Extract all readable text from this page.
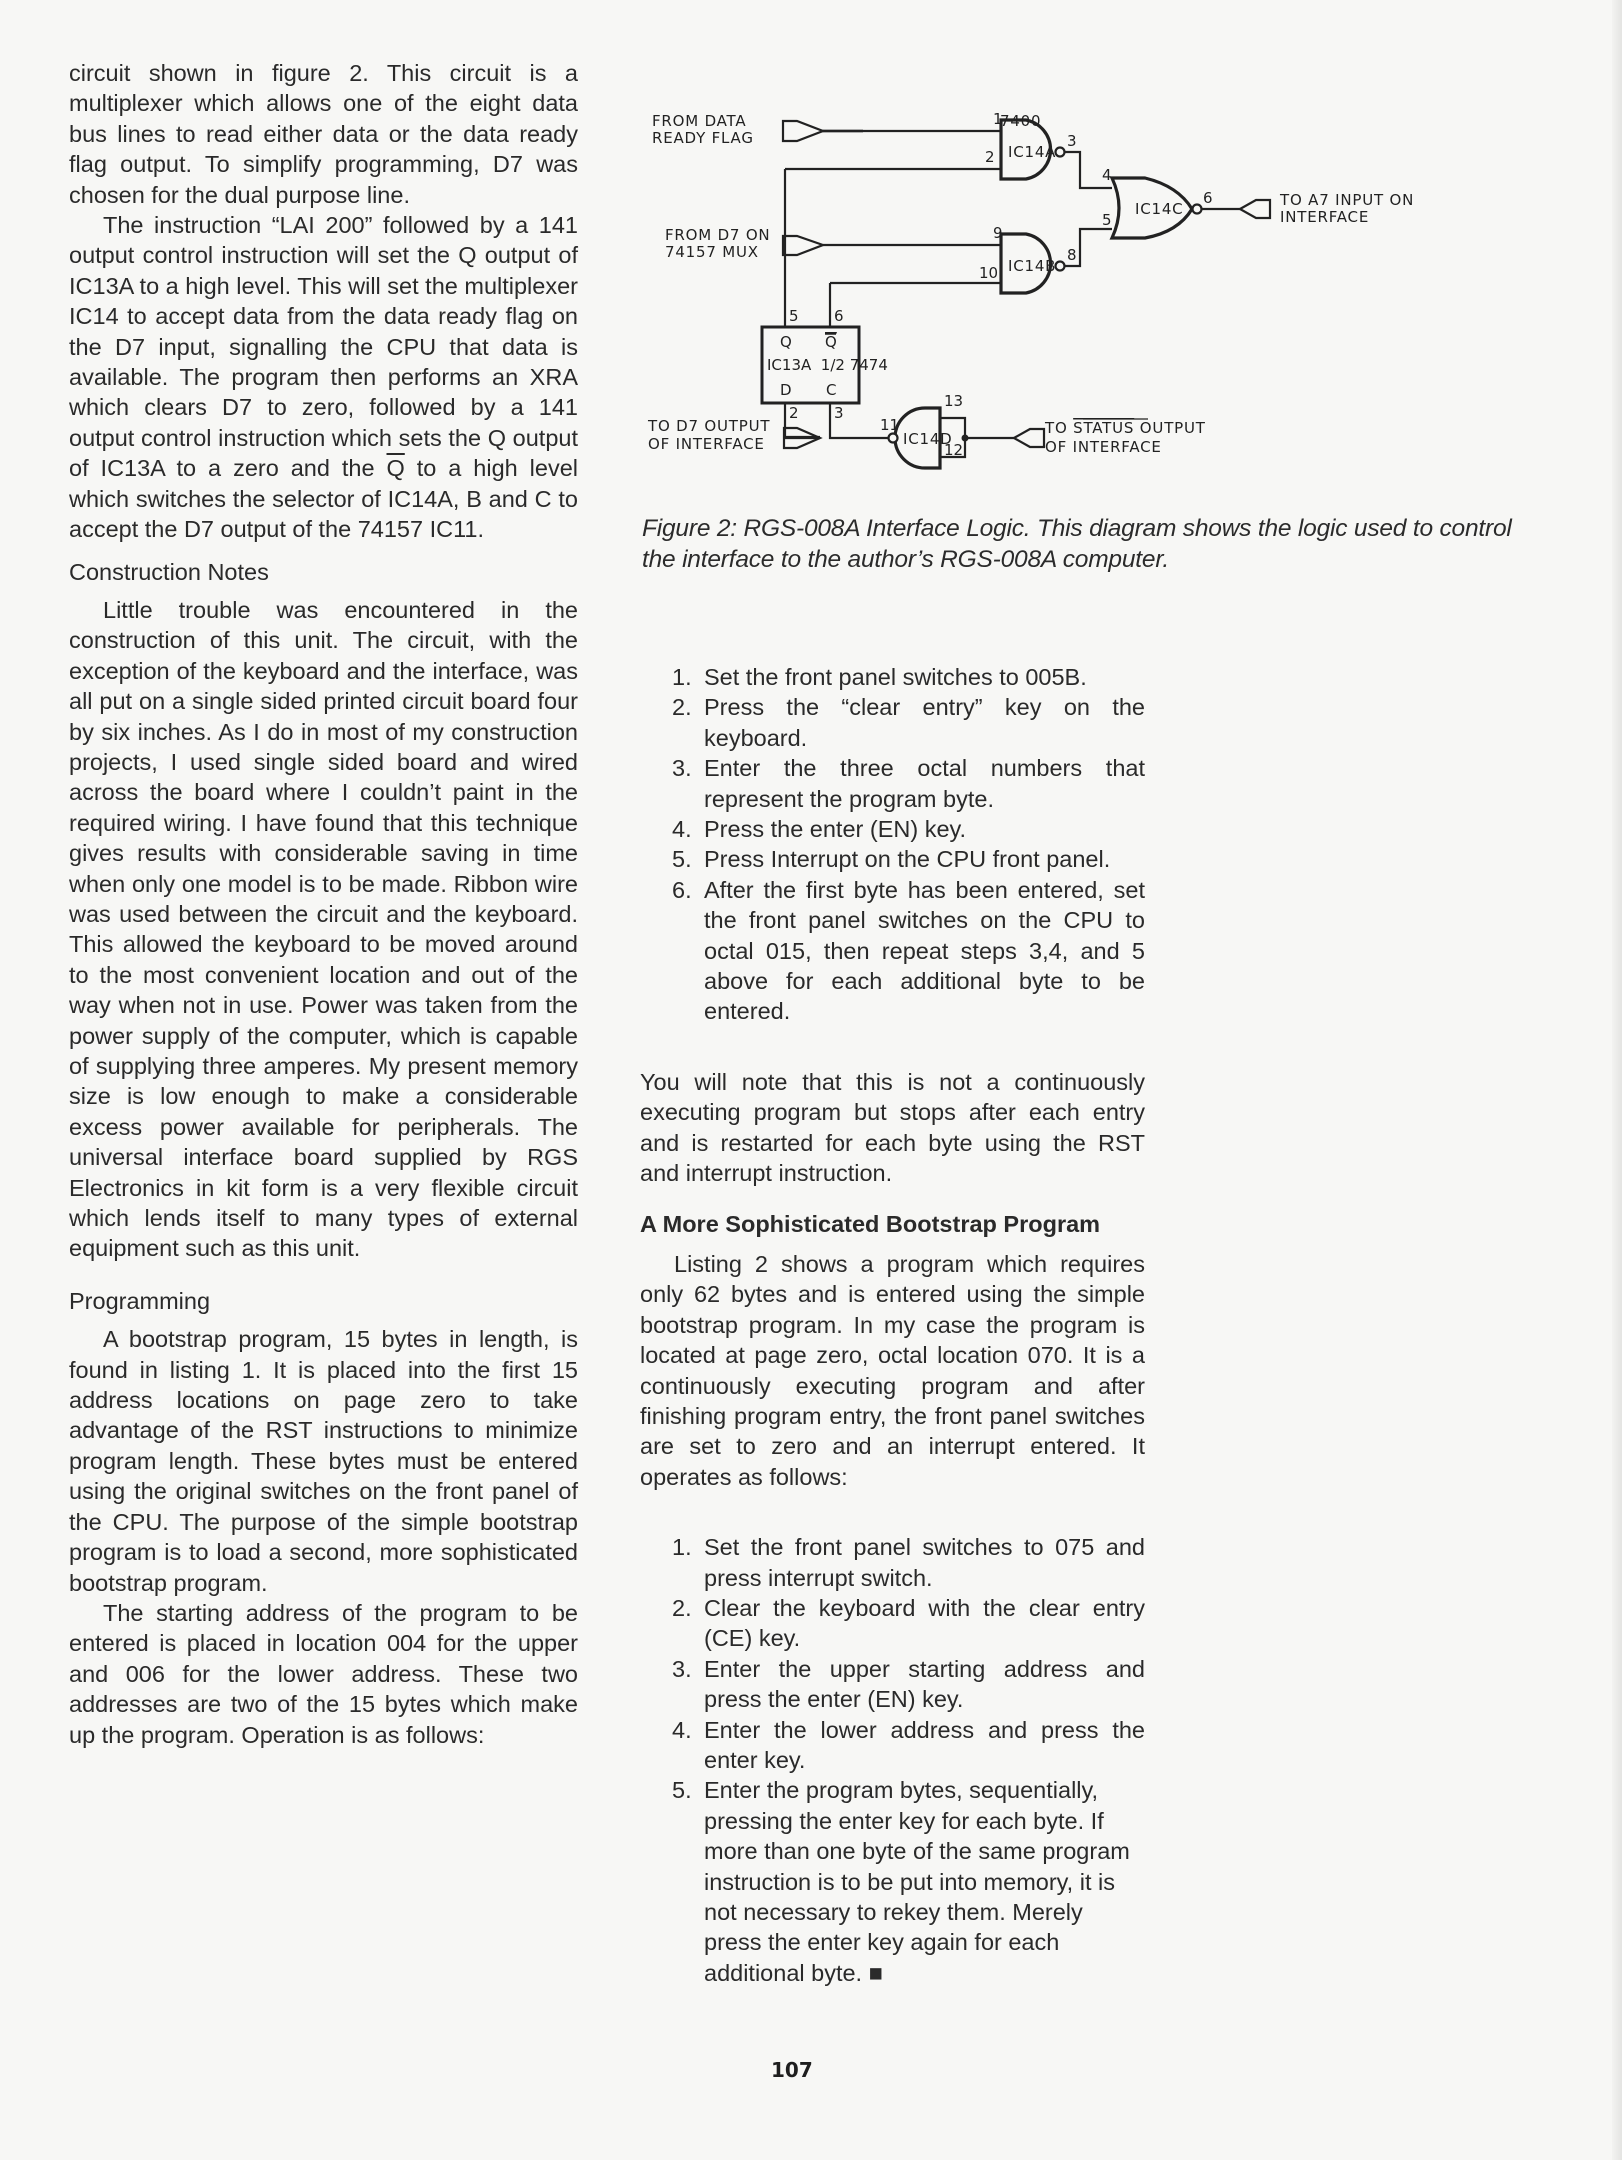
circuit shown in figure 2. This circuit is a multiplexer which allows one of the eight data bus lines to read either data or the data ready flag output. To simplify programming, D7 was chosen for the dual purpose line.

The instruction “LAI 200” followed by a 141 output control instruction will set the Q output of IC13A to a high level. This will set the multiplexer IC14 to accept data from the data ready flag on the D7 input, signalling the CPU that data is available. The program then performs an XRA which clears D7 to zero, followed by a 141 output control instruction which sets the Q output of IC13A to a zero and the $\overline{Q}$ to a high level which switches the selector of IC14A, B and C to accept the D7 output of the 74157 IC11.

Construction Notes

Little trouble was encountered in the construction of this unit. The circuit, with the exception of the keyboard and the interface, was all put on a single sided printed circuit board four by six inches. As I do in most of my construction projects, I used single sided board and wired across the board where I couldn’t paint in the required wiring. I have found that this technique gives results with considerable saving in time when only one model is to be made. Ribbon wire was used between the circuit and the keyboard. This allowed the keyboard to be moved around to the most convenient location and out of the way when not in use. Power was taken from the power supply of the computer, which is capable of supplying three amperes. My present memory size is low enough to make a considerable excess power available for peripherals. The universal interface board supplied by RGS Electronics in kit form is a very flexible circuit which lends itself to many types of external equipment such as this unit.

Programming

A bootstrap program, 15 bytes in length, is found in listing 1. It is placed into the first 15 address locations on page zero to take advantage of the RST instructions to minimize program length. These bytes must be entered using the original switches on the front panel of the CPU. The purpose of the simple bootstrap program is to load a second, more sophisticated bootstrap program.

The starting address of the program to be entered is placed in location 004 for the upper and 006 for the lower address. These two addresses are two of the 15 bytes which make up the program. Operation is as follows:

7400
FROM DATA
READY FLAG
FROM D7 ON
74157 MUX
IC14A
1
2
3
IC14B
9
10
8
IC14C
4
5
6	TO A7 INPUT ON
INTERFACE
5 6
Q Q
IC13A  1/2 7474
D C
2 3
TO D7 OUTPUT
OF INTERFACE	IC14D
11
13
12
TO STATUS OUTPUT
OF INTERFACE
Figure 2: RGS-008A Interface Logic. This diagram shows the logic used to control the interface to the author’s RGS-008A computer.
1. Set the front panel switches to 005B.
2. Press the “clear entry” key on the keyboard.
3. Enter the three octal numbers that represent the program byte.
4. Press the enter (EN) key.
5. Press Interrupt on the CPU front panel.
6. After the first byte has been entered, set the front panel switches on the CPU to octal 015, then repeat steps 3,4, and 5 above for each additional byte to be entered.

You will note that this is not a continuously executing program but stops after each entry and is restarted for each byte using the RST and interrupt instruction.

A More Sophisticated Bootstrap Program

Listing 2 shows a program which requires only 62 bytes and is entered using the simple bootstrap program. In my case the program is located at page zero, octal location 070. It is a continuously executing program and after finishing program entry, the front panel switches are set to zero and an interrupt entered. It operates as follows:

1. Set the front panel switches to 075 and press interrupt switch.
2. Clear the keyboard with the clear entry (CE) key.
3. Enter the upper starting address and press the enter (EN) key.
4. Enter the lower address and press the enter key.
5. Enter the program bytes, sequentially, pressing the enter key for each byte. If more than one byte of the same program instruction is to be put into memory, it is not necessary to rekey them. Merely press the enter key again for each additional byte. ■
107
